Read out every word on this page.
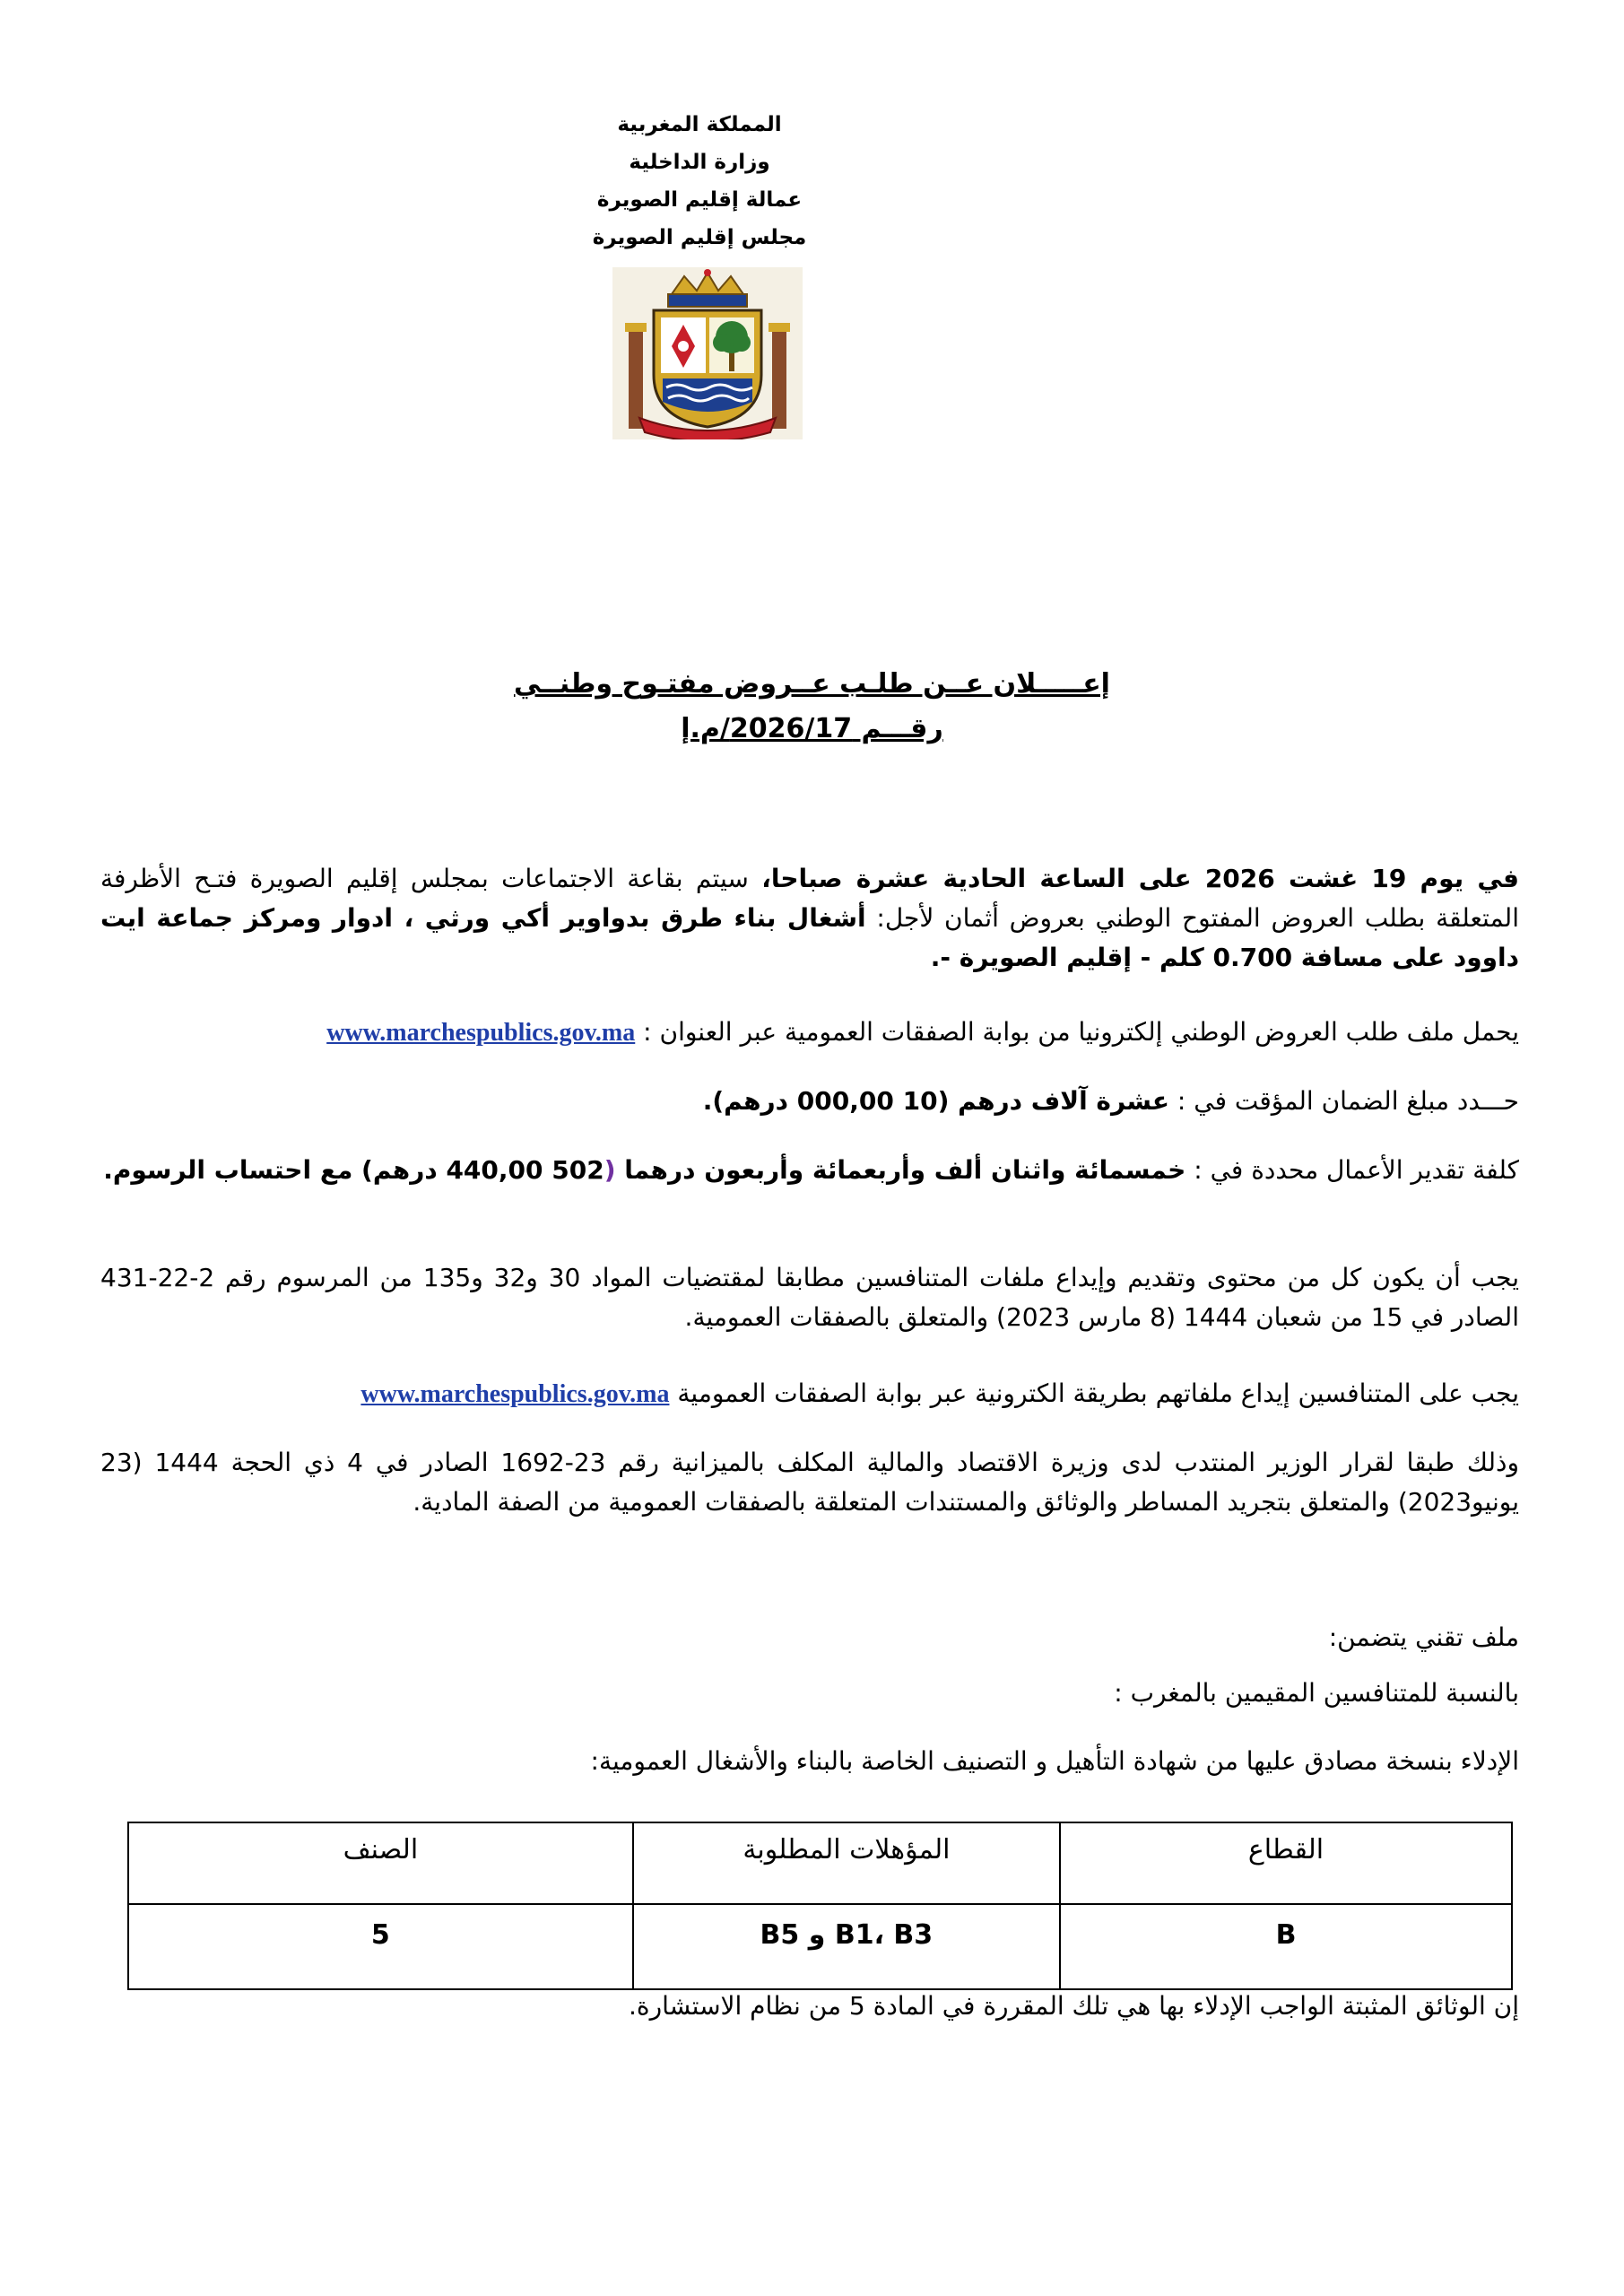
المملكة المغربية
وزارة الداخلية
عمالة إقليم الصويرة
مجلس إقليم الصويرة
إعـــــلان عــن طلـب عــروض مفتـوح وطنــي
رقـــم 2026/17/م.إ
في يوم 19 غشت 2026 على الساعة الحادية عشرة صباحا، سيتم بقاعة الاجتماعات بمجلس إقليم الصويرة فتـح الأظرفة المتعلقة بطلب العروض المفتوح الوطني بعروض أثمان لأجل: أشغال بناء طرق بدواوير أكي ورثي ، ادوار ومركز جماعة ايت داوود على مسافة 0.700 كلم - إقليم الصويرة -.
يحمل ملف طلب العروض الوطني إلكترونيا من بوابة الصفقات العمومية عبر العنوان : www.marchespublics.gov.ma
حـــدد مبلغ الضمان المؤقت في : عشرة آلاف درهم (10 000,00 درهم).
كلفة تقدير الأعمال محددة في : خمسمائة واثنان ألف وأربعمائة وأربعون درهما (502 440,00 درهم) مع احتساب الرسوم.
يجب أن يكون كل من محتوى وتقديم وإيداع ملفات المتنافسين مطابقا لمقتضيات المواد 30 و32 و135 من المرسوم رقم 2-22-431 الصادر في 15 من شعبان 1444 (8 مارس 2023) والمتعلق بالصفقات العمومية.
يجب على المتنافسين إيداع ملفاتهم بطريقة الكترونية عبر بوابة الصفقات العمومية www.marchespublics.gov.ma
وذلك طبقا لقرار الوزير المنتدب لدى وزيرة الاقتصاد والمالية المكلف بالميزانية رقم 23-1692 الصادر في 4 ذي الحجة 1444 (23 يونيو2023) والمتعلق بتجريد المساطر والوثائق والمستندات المتعلقة بالصفقات العمومية من الصفة المادية.
ملف تقني يتضمن:
بالنسبة للمتنافسين المقيمين بالمغرب :
الإدلاء بنسخة مصادق عليها من شهادة التأهيل و التصنيف الخاصة بالبناء والأشغال العمومية:
القطاع	المؤهلات المطلوبة	الصنف
B	B1، B3 و B5	5
إن الوثائق المثبتة الواجب الإدلاء بها هي تلك المقررة في المادة 5 من نظام الاستشارة.
